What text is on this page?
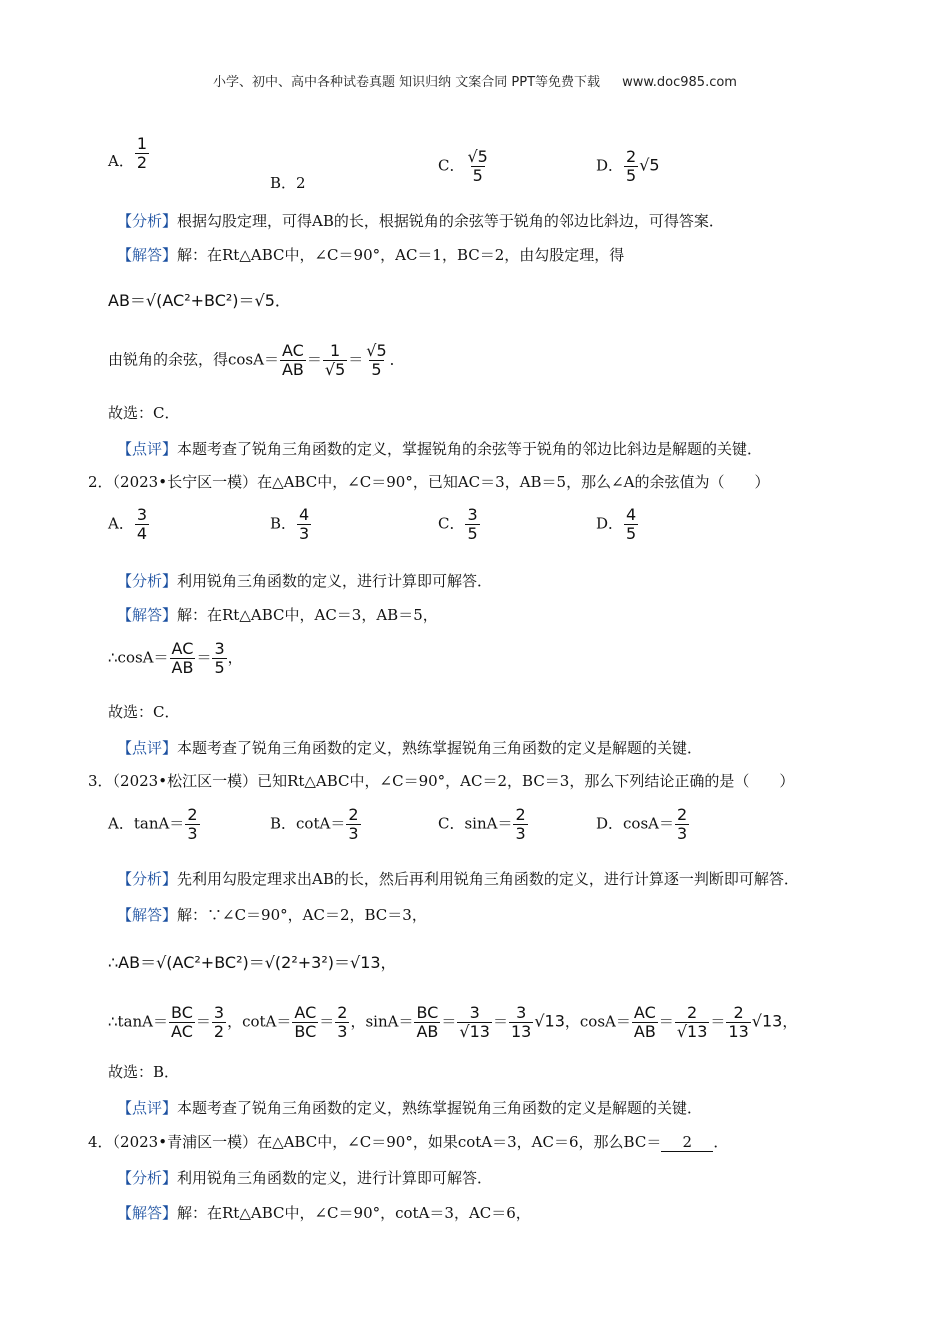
小学、初中、高中各种试卷真题 知识归纳 文案合同 PPT等免费下载 www.doc985.com
A． $\frac{1}{2}$
B．2
C． $\frac{√5}{5}$	D． $\frac{2}{5} √5$
【分析】根据勾股定理，可得AB的长，根据锐角的余弦等于锐角的邻边比斜边，可得答案．
【解答】解：在Rt△ABC中，∠C＝90°，AC＝1，BC＝2，由勾股定理，得
AB＝√(AC²+BC²)＝√5．
由锐角的余弦，得$\cos A= \frac{AC}{AB} = \frac{1}{√5} = \frac{√5}{5}$ ．
故选：C．
【点评】本题考查了锐角三角函数的定义，掌握锐角的余弦等于锐角的邻边比斜边是解题的关键．
2．（2023•长宁区一模）在△ABC中，∠C＝90°，已知AC＝3，AB＝5，那么∠A的余弦值为（　　）
A． $\frac{3}{4}$	B． $\frac{4}{3}$	C． $\frac{3}{5}$	D． $\frac{4}{5}$
【分析】利用锐角三角函数的定义，进行计算即可解答．
【解答】解：在Rt△ABC中，AC＝3，AB＝5，
∴cosA＝ $\frac{AC}{AB} = \frac{3}{5}$ ，
故选：C．
【点评】本题考查了锐角三角函数的定义，熟练掌握锐角三角函数的定义是解题的关键．
3．（2023•松江区一模）已知Rt△ABC中，∠C＝90°，AC＝2，BC＝3，那么下列结论正确的是（　　）
A．$\tan A= \frac{2}{3}$	B．$\cot A= \frac{2}{3}$	C．$\sin A= \frac{2}{3}$	D．$\cos A= \frac{2}{3}$
【分析】先利用勾股定理求出AB的长，然后再利用锐角三角函数的定义，进行计算逐一判断即可解答．
【解答】解：∵∠C＝90°，AC＝2，BC＝3，
∴AB＝√(AC²+BC²)＝√(2²+3²)＝√13，
∴tanA＝ $\frac{BC}{AC} = \frac{3}{2}$ ，$\cot A= \frac{AC}{BC} = \frac{2}{3}$ ，$\sin A= \frac{BC}{AB} = \frac{3}{√13} = \frac{3}{13} √13$，$\cos A= \frac{AC}{AB} = \frac{2}{√13} = \frac{2}{13} √13$，
故选：B．
【点评】本题考查了锐角三角函数的定义，熟练掌握锐角三角函数的定义是解题的关键．
4．（2023•青浦区一模）在△ABC中，∠C＝90°，如果cotA＝3，AC＝6，那么BC＝ 2 ．
【分析】利用锐角三角函数的定义，进行计算即可解答．
【解答】解：在Rt△ABC中，∠C＝90°，cotA＝3，AC＝6，
